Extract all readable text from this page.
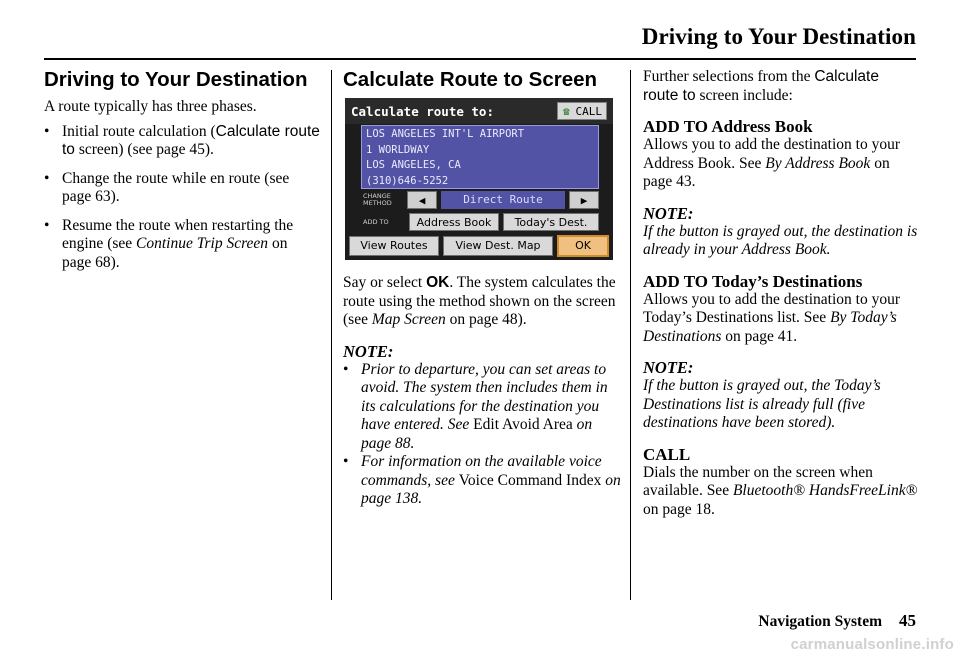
Driving to Your Destination
Driving to Your Destination

A route typically has three phases.

• Initial route calculation (Calculate route to screen) (see page 45).
• Change the route while en route (see page 63).
• Resume the route when restarting the engine (see Continue Trip Screen on page 68).
Calculate Route to Screen
Calculate route to:	☎ CALL
LOS ANGELES INT'L AIRPORT
1 WORLDWAY
LOS ANGELES, CA
(310)646-5252
CHANGE
METHOD	◀	Direct Route	▶
ADD TO	Address Book	Today's Dest.
View Routes	View Dest. Map	OK

Say or select OK. The system calculates the route using the method shown on the screen (see Map Screen on page 48).

NOTE:
• Prior to departure, you can set areas to avoid. The system then includes them in its calculations for the destination you have entered. See Edit Avoid Area on page 88.
• For information on the available voice commands, see Voice Command Index on page 138.

Further selections from the Calculate route to screen include:

ADD TO Address Book

Allows you to add the destination to your Address Book. See By Address Book on page 43.

NOTE:

If the button is grayed out, the destination is already in your Address Book.

ADD TO Today’s Destinations

Allows you to add the destination to your Today’s Destinations list. See By Today’s Destinations on page 41.

NOTE:

If the button is grayed out, the Today’s Destinations list is already full (five destinations have been stored).

CALL

Dials the number on the screen when available. See Bluetooth® HandsFreeLink® on page 18.

Navigation System 45
carmanualsonline.info
